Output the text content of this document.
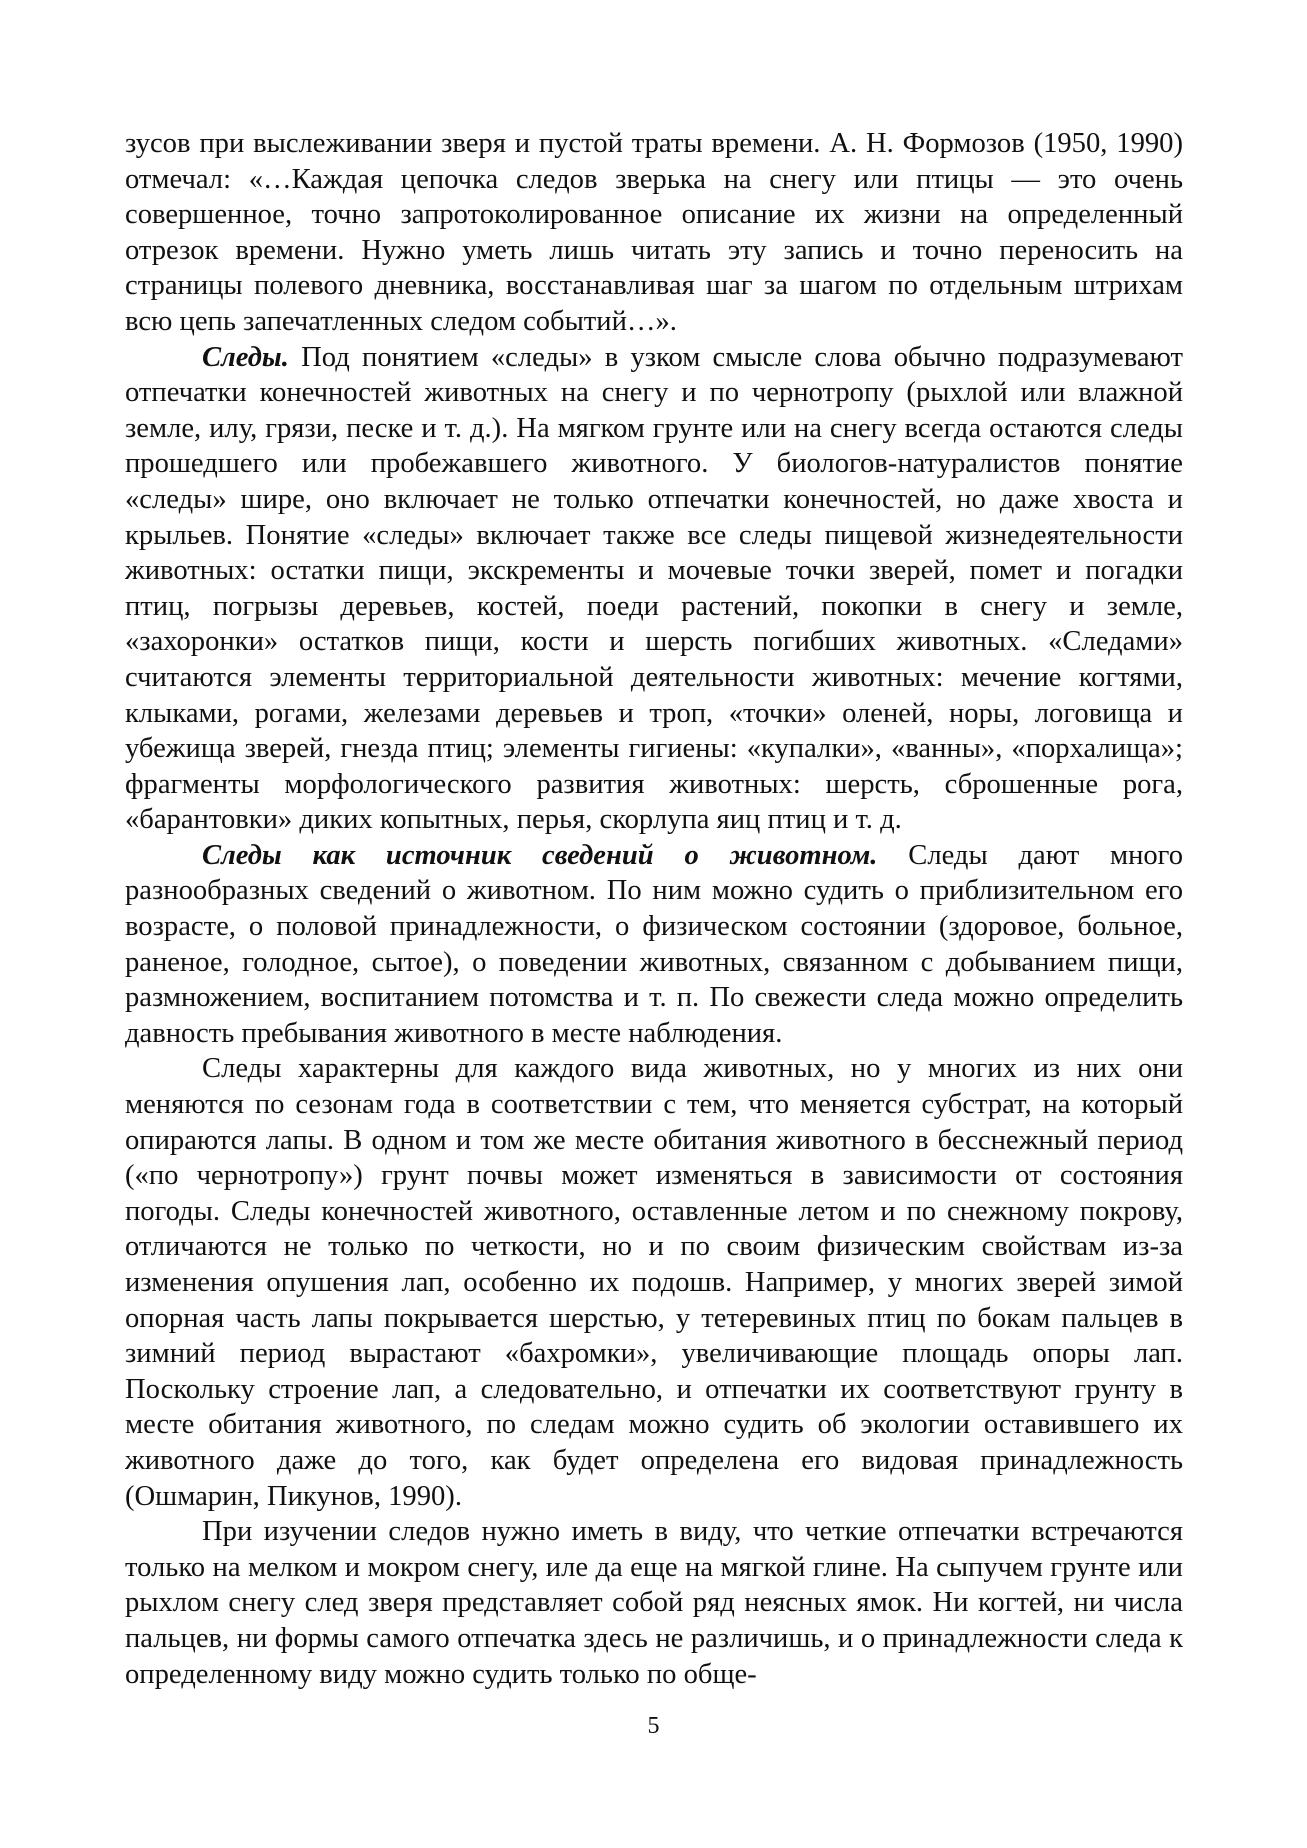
зусов при выслеживании зверя и пустой траты времени. А. Н. Формозов (1950, 1990) отмечал: «…Каждая цепочка следов зверька на снегу или птицы — это очень совершенное, точно запротоколированное описание их жизни на определенный отрезок времени. Нужно уметь лишь читать эту запись и точно переносить на страницы полевого дневника, восстанавливая шаг за шагом по отдельным штрихам всю цепь запечатленных следом событий…».

Следы. Под понятием «следы» в узком смысле слова обычно подразумевают отпечатки конечностей животных на снегу и по чернотропу (рыхлой или влажной земле, илу, грязи, песке и т. д.). На мягком грунте или на снегу всегда остаются следы прошедшего или пробежавшего животного. У биологов-натуралистов понятие «следы» шире, оно включает не только отпечатки конечностей, но даже хвоста и крыльев. Понятие «следы» включает также все следы пищевой жизнедеятельности животных: остатки пищи, экскременты и мочевые точки зверей, помет и погадки птиц, погрызы деревьев, костей, поеди растений, покопки в снегу и земле, «захоронки» остатков пищи, кости и шерсть погибших животных. «Следами» считаются элементы территориальной деятельности животных: мечение когтями, клыками, рогами, железами деревьев и троп, «точки» оленей, норы, логовища и убежища зверей, гнезда птиц; элементы гигиены: «купалки», «ванны», «порхалища»; фрагменты морфологического развития животных: шерсть, сброшенные рога, «барантовки» диких копытных, перья, скорлупа яиц птиц и т. д.

Следы как источник сведений о животном. Следы дают много разнообразных сведений о животном. По ним можно судить о приблизительном его возрасте, о половой принадлежности, о физическом состоянии (здоровое, больное, раненое, голодное, сытое), о поведении животных, связанном с добыванием пищи, размножением, воспитанием потомства и т. п. По свежести следа можно определить давность пребывания животного в месте наблюдения.

Следы характерны для каждого вида животных, но у многих из них они меняются по сезонам года в соответствии с тем, что меняется субстрат, на который опираются лапы. В одном и том же месте обитания животного в бесснежный период («по чернотропу») грунт почвы может изменяться в зависимости от состояния погоды. Следы конечностей животного, оставленные летом и по снежному покрову, отличаются не только по четкости, но и по своим физическим свойствам из-за изменения опушения лап, особенно их подошв. Например, у многих зверей зимой опорная часть лапы покрывается шерстью, у тетеревиных птиц по бокам пальцев в зимний период вырастают «бахромки», увеличивающие площадь опоры лап. Поскольку строение лап, а следовательно, и отпечатки их соответствуют грунту в месте обитания животного, по следам можно судить об экологии оставившего их животного даже до того, как будет определена его видовая принадлежность (Ошмарин, Пикунов, 1990).

При изучении следов нужно иметь в виду, что четкие отпечатки встречаются только на мелком и мокром снегу, иле да еще на мягкой глине. На сыпучем грунте или рыхлом снегу след зверя представляет собой ряд неясных ямок. Ни когтей, ни числа пальцев, ни формы самого отпечатка здесь не различишь, и о принадлежности следа к определенному виду можно судить только по обще-

5
